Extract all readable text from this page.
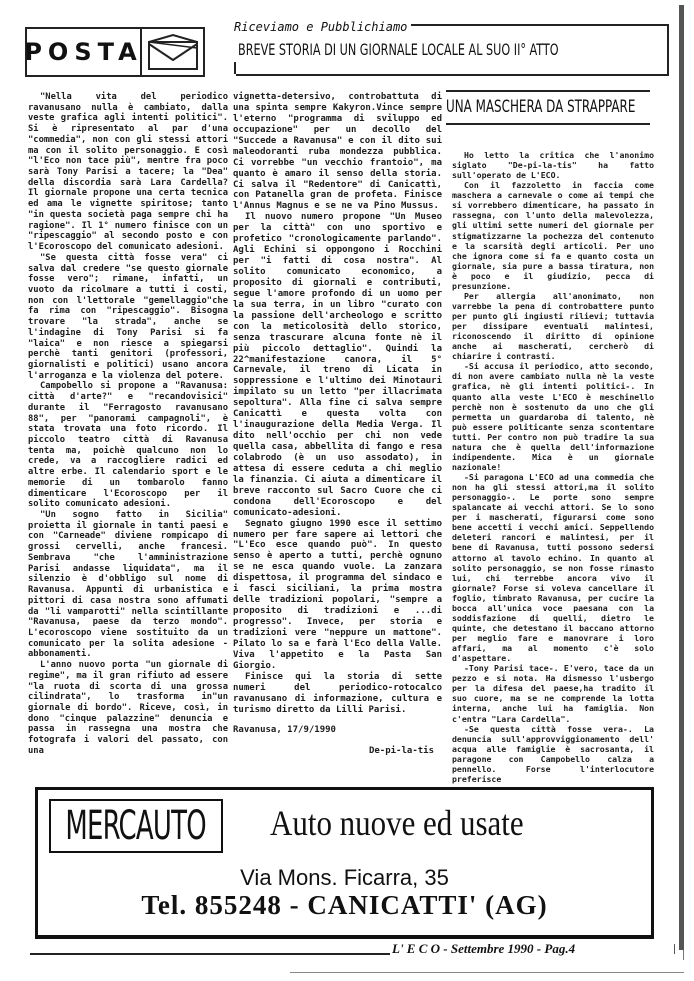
POSTA
Riceviamo e Pubblichiamo
BREVE STORIA DI UN GIORNALE LOCALE AL SUO II° ATTO

"Nella vita del periodico ravanusano nulla è cambiato, dalla veste grafica agli intenti politici". Si è ripresentato al par d'una "commedia", non con gli stessi attori ma con il solito personaggio. E così "l'Eco non tace più", mentre fra poco sarà Tony Parisi a tacere; la "Dea" della discordia sarà Lara Cardella? Il giornale propone una certa tecnica ed ama le vignette spiritose; tanto "in questa società paga sempre chi ha ragione". Il 1° numero finisce con un "ripescaggio" al secondo posto e con l'Ecoroscopo del comunicato adesioni.

"Se questa città fosse vera" ci salva dal credere "se questo giornale fosse vero"; rimane, infatti, un vuoto da ricolmare a tutti i costi, non con l'lettorale "gemellaggio"che fa rima con "ripescaggio". Bisogna trovare "la strada", anche se l'indagine di Tony Parisi si fa "laica" e non riesce a spiegarsi perchè tanti genitori (professori, giornalisti e politici) usano ancora l'arroganza e la violenza del potere.

Campobello si propone a "Ravanusa: città d'arte?" e "recandovisici" durante il "Ferragosto ravanusano 88", per "panorami campagnoli", è stata trovata una foto ricordo. Il piccolo teatro città di Ravanusa tenta ma, poichè qualcuno non lo crede, va a raccogliere radici ed altre erbe. Il calendario sport e le memorie di un tombarolo fanno dimenticare l'Ecoroscopo per il solito comunicato adesioni.

"Un sogno fatto in Sicilia" proietta il giornale in tanti paesi e con "Carneade" diviene rompicapo di grossi cervelli, anche francesi. Sembrava "che l'amministrazione Parisi andasse liquidata", ma il silenzio è d'obbligo sul nome di Ravanusa. Appunti di urbanistica e pittori di casa nostra sono affumati da "li vamparotti" nella scintillante "Ravanusa, paese da terzo mondo". L'ecoroscopo viene sostituito da un comunicato per la solita adesione - abbonamenti.

L'anno nuovo porta "un giornale di regime", ma il gran rifiuto ad essere "la ruota di scorta di una grossa cilindrata", lo trasforma in"un giornale di bordo". Riceve, così, in dono "cinque palazzine" denuncia e passa in rassegna una mostra che fotografa i valori del passato, con una

vignetta-detersivo, controbattuta di una spinta sempre Kakyron.Vince sempre l'eterno "programma di sviluppo ed occupazione" per un decollo del "Succede a Ravanusa" e con il dito sui maleodoranti ruba mondezza pubblica. Ci vorrebbe "un vecchio frantoio", ma quanto è amaro il senso della storia. Ci salva il "Redentore" di Canicattì, con Patanella gran de profeta. Finisce l'Annus Magnus e se ne va Pino Mussus.

Il nuovo numero propone "Un Museo per la città" con uno sportivo e profetico "cronologicamente parlando". Agli Echini si oppongono i Rocchini per "i fatti di cosa nostra". Al solito comunicato economico, a proposito di giornali e contributi, segue l'amore profondo di un uomo per la sua terra, in un libro "curato con la passione dell'archeologo e scritto con la meticolosità dello storico, senza trascurare alcuna fonte nè il più piccolo dettaglio". Quindi la 22^manifestazione canora, il 5° Carnevale, il treno di Licata in soppressione e l'ultimo dei Minotauri impilato su un letto "per illacrimata sepoltura". Alla fine ci salva sempre Canicattì e questa volta con l'inaugurazione della Media Verga. Il dito nell'occhio per chi non vede quella casa, abbellita di fango e resa colabrodo (è un uso assodato), in attesa di essere ceduta a chi meglio la finanzia. Ci aiuta a dimenticare il breve racconto sul Sacro Cuore che ci condona dell'Ecoroscopo e del comunicato-adesioni.

Segnato giugno 1990 esce il settimo numero per fare sapere ai lettori che "L'Eco esce quando può". In questo senso è aperto a tutti, perchè ognuno se ne esca quando vuole. La zanzara dispettosa, il programma del sindaco e i fasci siciliani, la prima mostra delle tradizioni popolari, "sempre a proposito di tradizioni e ...di progresso". Invece, per storia e tradizioni vere "neppure un mattone". Pilato lo sa e farà l'Eco della Valle. Viva l'appetito e la Pasta San Giorgio.

Finisce qui la storia di sette numeri del periodico-rotocalco ravanusano di informazione, cultura e turismo diretto da Lilli Parisi.

Ravanusa, 17/9/1990

De-pi-la-tis

UNA MASCHERA DA STRAPPARE

Ho letto la critica che l'anonimo siglato "De-pi-la-tis" ha fatto sull'operato de L'ECO.

Con il fazzoletto in faccia come maschera a carnevale o come ai tempi che si vorrebbero dimenticare, ha passato in rassegna, con l'unto della malevolezza, gli ultimi sette numeri del giornale per stigmatizzarne la pochezza del contenuto e la scarsità degli articoli. Per uno che ignora come si fa e quanto costa un giornale, sia pure a bassa tiratura, non è poco e il giudizio, pecca di presunzione.

Per allergia all'anonimato, non varrebbe la pena di controbattere punto per punto gli ingiusti rilievi; tuttavia per dissipare eventuali malintesi, riconoscendo il diritto di opinione anche ai mascherati, cercherò di chiarire i contrasti.

-Si accusa il periodico, atto secondo, di non avere cambiato nulla nè la veste grafica, nè gli intenti politici-. In quanto alla veste L'ECO è meschinello perchè non è sostenuto da uno che gli permetta un guardaroba di talento, nè può essere politicante senza scontentare tutti. Per contro non può tradire la sua natura che è quella dell'informazione indipendente. Mica è un giornale nazionale!

-Si paragona L'ECO ad una commedia che non ha gli stessi attori,ma il solito personaggio-. Le porte sono sempre spalancate ai vecchi attori. Se lo sono per i mascherati, figurarsi come sono bene accetti i vecchi amici. Seppellendo deleteri rancori e malintesi, per il bene di Ravanusa, tutti possono sedersi attorno al tavolo echino. In quanto al solito personaggio, se non fosse rimasto lui, chi terrebbe ancora vivo il giornale? Forse si voleva cancellare il foglio, timbrato Ravanusa, per cucire la bocca all'unica voce paesana con la soddisfazione di quelli, dietro le quinte, che detestano il baccano attorno per meglio fare e manovrare i loro affari, ma al momento c'è solo d'aspettare.

-Tony Parisi tace-. E'vero, tace da un pezzo e si nota. Ha dismesso l'usbergo per la difesa del paese,ha tradito il suo cuore, ma se ne comprende la lotta interna, anche lui ha famiglia. Non c'entra "Lara Cardella".

-Se questa città fosse vera-. La denuncia sull'approvviggionamento dell' acqua alle famiglie è sacrosanta, il paragone con Campobello calza a pennello. Forse l'interlocutore preferisce

MERCAUTO Auto nuove ed usate
Via Mons. Ficarra, 35
Tel. 855248 - CANICATTI' (AG)
L' E C O - Settembre 1990 - Pag.4
